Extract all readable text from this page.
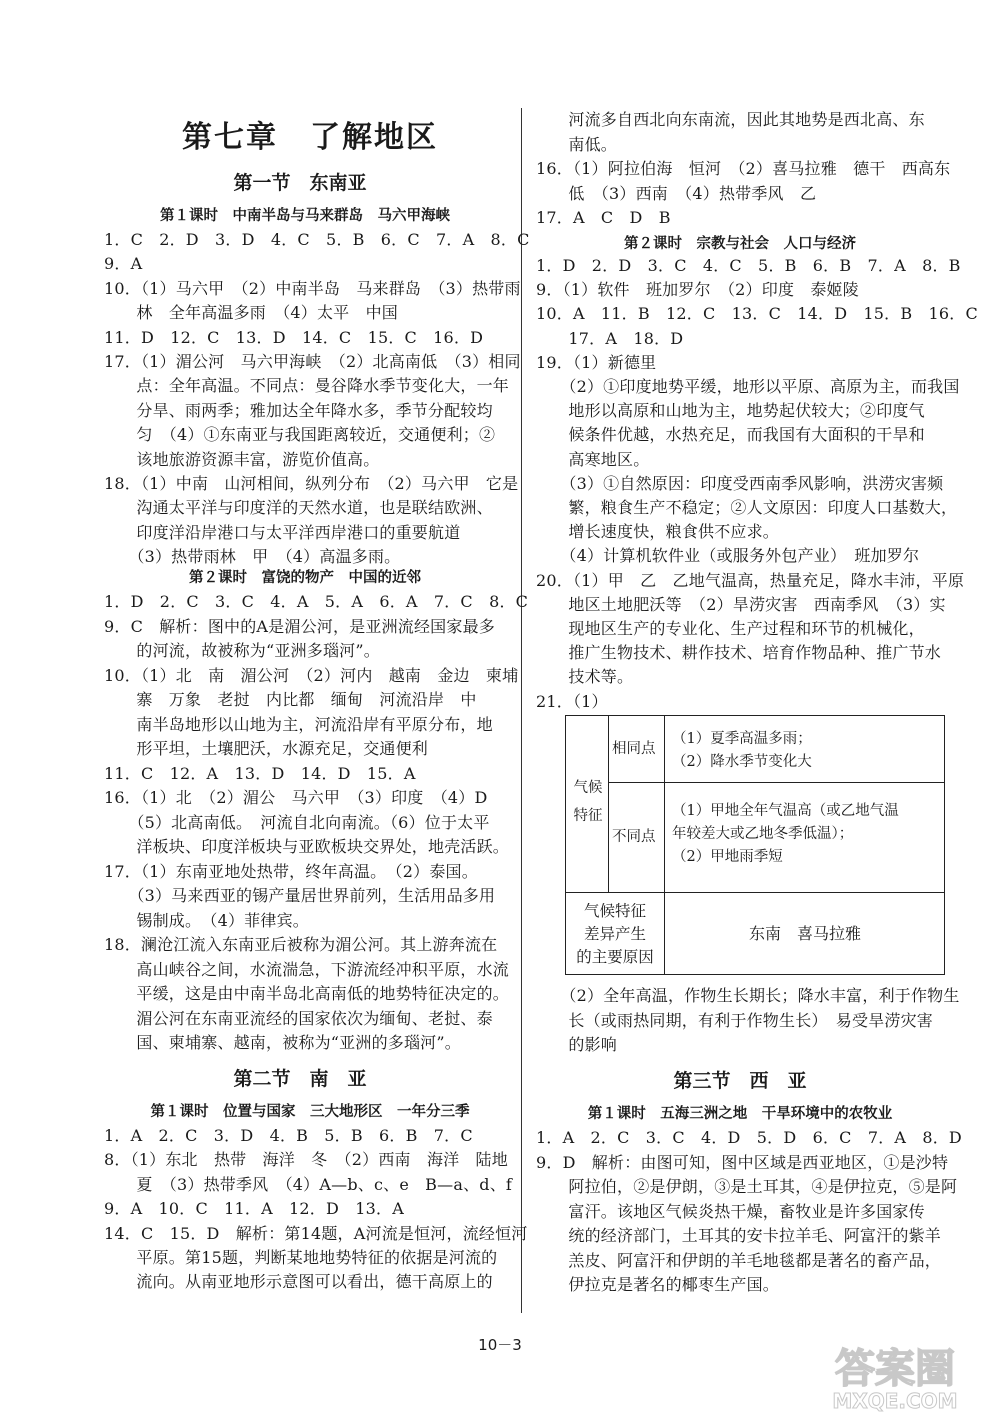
第七章　了解地区
第一节　东南亚
第１课时　中南半岛与马来群岛　马六甲海峡
1．C　2．D　3．D　4．C　5．B　6．C　7．A　8．C
9．A
10．（1）马六甲　（2）中南半岛　马来群岛　（3）热带雨
　　林　全年高温多雨　（4）太平　中国
11．D　12．C　13．D　14．C　15．C　16．D
17．（1）湄公河　马六甲海峡　（2）北高南低　（3）相同
　　点：全年高温。不同点：曼谷降水季节变化大，一年
　　分旱、雨两季；雅加达全年降水多，季节分配较均
　　匀　（4）①东南亚与我国距离较近，交通便利；②
　　该地旅游资源丰富，游览价值高。
18．（1）中南　山河相间，纵列分布　（2）马六甲　它是
　　沟通太平洋与印度洋的天然水道，也是联结欧洲、
　　印度洋沿岸港口与太平洋西岸港口的重要航道
　　（3）热带雨林　甲　（4）高温多雨。
第２课时　富饶的物产　中国的近邻
1．D　2．C　3．C　4．A　5．A　6．A　7．C　8．C
9．C　解析：图中的A是湄公河，是亚洲流经国家最多
　　的河流，故被称为“亚洲多瑙河”。
10．（1）北　南　湄公河　（2）河内　越南　金边　柬埔
　　寨　万象　老挝　内比都　缅甸　河流沿岸　中
　　南半岛地形以山地为主，河流沿岸有平原分布，地
　　形平坦，土壤肥沃，水源充足，交通便利
11．C　12．A　13．D　14．D　15．A
16．（1）北　（2）湄公　马六甲　（3）印度　（4）D
　　（5）北高南低。　河流自北向南流。（6）位于太平
　　洋板块、印度洋板块与亚欧板块交界处，地壳活跃。
17．（1）东南亚地处热带，终年高温。　（2）泰国。
　　（3）马来西亚的锡产量居世界前列，生活用品多用
　　锡制成。　（4）菲律宾。
18．澜沧江流入东南亚后被称为湄公河。其上游奔流在
　　高山峡谷之间，水流湍急，下游流经冲积平原，水流
　　平缓，这是由中南半岛北高南低的地势特征决定的。
　　湄公河在东南亚流经的国家依次为缅甸、老挝、泰
　　国、柬埔寨、越南，被称为“亚洲的多瑙河”。
第二节　南　亚
第１课时　位置与国家　三大地形区　一年分三季
1．A　2．C　3．D　4．B　5．B　6．B　7．C
8．（1）东北　热带　海洋　冬　（2）西南　海洋　陆地
　　夏　（3）热带季风　（4）A—b、c、e　B—a、d、f
9．A　10．C　11．A　12．D　13．A
14．C　15．D　解析：第14题，A河流是恒河，流经恒河
　　平原。第15题，判断某地地势特征的依据是河流的
　　流向。从南亚地形示意图可以看出，德干高原上的
　　河流多自西北向东南流，因此其地势是西北高、东
　　南低。
16．（1）阿拉伯海　恒河　（2）喜马拉雅　德干　西高东
　　低　（3）西南　（4）热带季风　乙
17．A　C　D　B
第２课时　宗教与社会　人口与经济
1．D　2．D　3．C　4．C　5．B　6．B　7．A　8．B
9．（1）软件　班加罗尔　（2）印度　泰姬陵
10．A　11．B　12．C　13．C　14．D　15．B　16．C
　　17．A　18．D
19．（1）新德里
　　（2）①印度地势平缓，地形以平原、高原为主，而我国
　　地形以高原和山地为主，地势起伏较大；②印度气
　　候条件优越，水热充足，而我国有大面积的干旱和
　　高寒地区。
　　（3）①自然原因：印度受西南季风影响，洪涝灾害频
　　繁，粮食生产不稳定；②人文原因：印度人口基数大，
　　增长速度快，粮食供不应求。
　　（4）计算机软件业（或服务外包产业）　班加罗尔
20．（1）甲　乙　乙地气温高，热量充足，降水丰沛，平原
　　地区土地肥沃等　（2）旱涝灾害　西南季风　（3）实
　　现地区生产的专业化、生产过程和环节的机械化，
　　推广生物技术、耕作技术、培育作物品种、推广节水
　　技术等。
21．（1）
气候特征
相同点
（1）夏季高温多雨；
（2）降水季节变化大
不同点
（1）甲地全年气温高（或乙地气温
年较差大或乙地冬季低温）；
（2）甲地雨季短
气候特征
差异产生
的主要原因
东南　喜马拉雅
　　（2）全年高温，作物生长期长；降水丰富，利于作物生
　　长（或雨热同期，有利于作物生长）　易受旱涝灾害
　　的影响
第三节　西　亚
第１课时　五海三洲之地　干旱环境中的农牧业
1．A　2．C　3．C　4．D　5．D　6．C　7．A　8．D
9．D　解析：由图可知，图中区域是西亚地区，①是沙特
　　阿拉伯，②是伊朗，③是土耳其，④是伊拉克，⑤是阿
　　富汗。该地区气候炎热干燥，畜牧业是许多国家传
　　统的经济部门，土耳其的安卡拉羊毛、阿富汗的紫羊
　　羔皮、阿富汗和伊朗的羊毛地毯都是著名的畜产品，
　　伊拉克是著名的椰枣生产国。
10－3
答案圈
MXQE.COM
